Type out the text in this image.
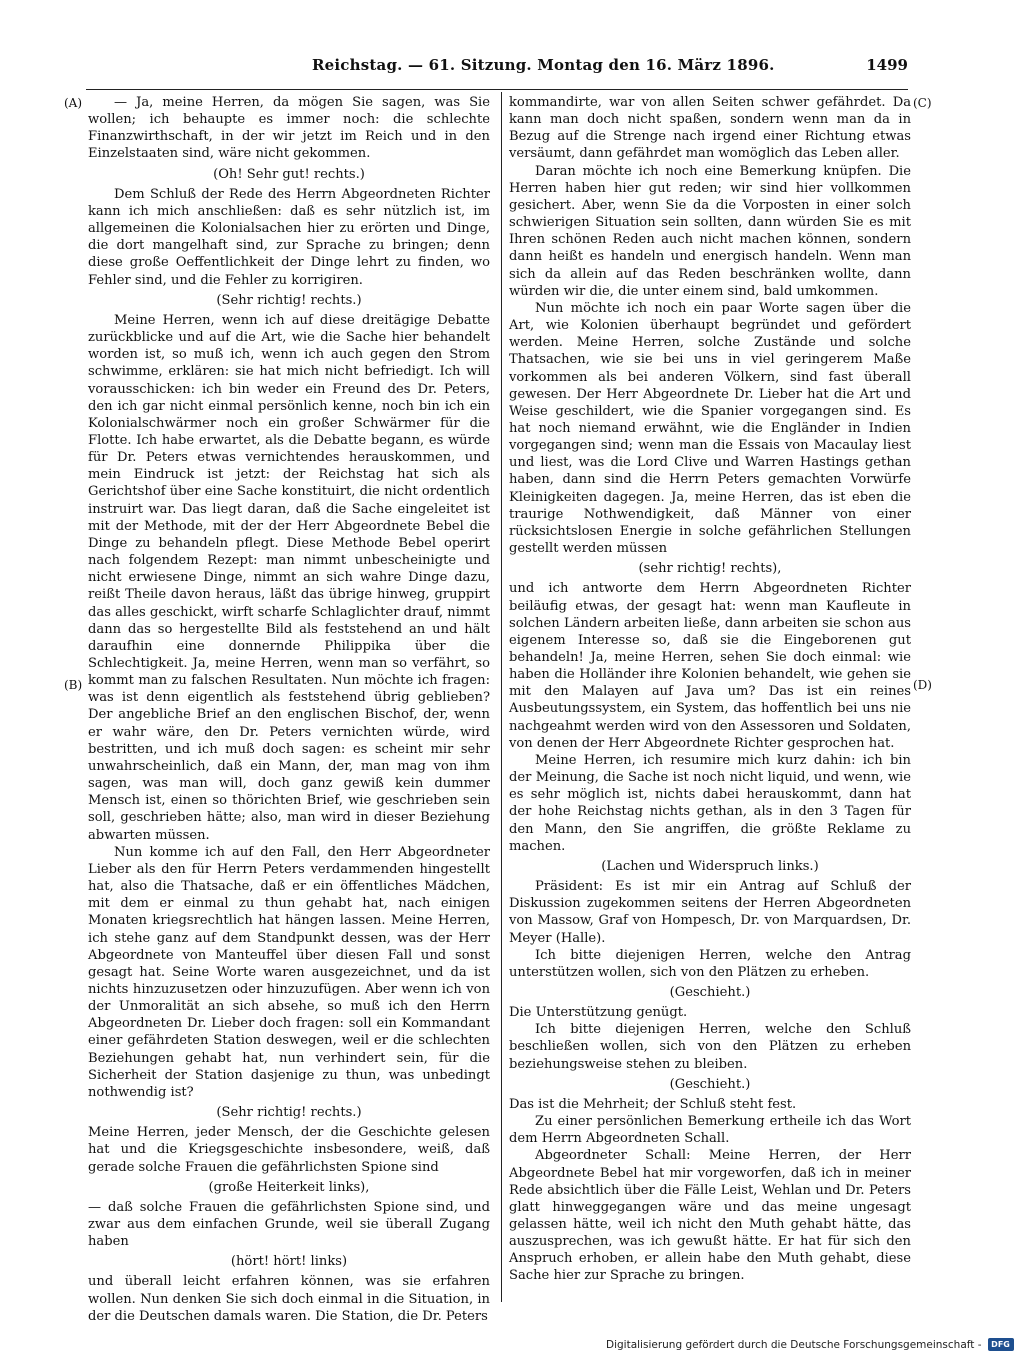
Reichstag. — 61. Sitzung. Montag den 16. März 1896.	1499
(A)
(B)
(C)
(D)

— Ja, meine Herren, da mögen Sie sagen, was Sie wollen; ich behaupte es immer noch: die schlechte Finanzwirthschaft, in der wir jetzt im Reich und in den Einzelstaaten sind, wäre nicht gekommen.

(Oh! Sehr gut! rechts.)

Dem Schluß der Rede des Herrn Abgeordneten Richter kann ich mich anschließen: daß es sehr nützlich ist, im allgemeinen die Kolonialsachen hier zu erörten und Dinge, die dort mangelhaft sind, zur Sprache zu bringen; denn diese große Oeffentlichkeit der Dinge lehrt zu finden, wo Fehler sind, und die Fehler zu korrigiren.

(Sehr richtig! rechts.)

Meine Herren, wenn ich auf diese dreitägige Debatte zurückblicke und auf die Art, wie die Sache hier behandelt worden ist, so muß ich, wenn ich auch gegen den Strom schwimme, erklären: sie hat mich nicht befriedigt. Ich will vorausschicken: ich bin weder ein Freund des Dr. Peters, den ich gar nicht einmal persönlich kenne, noch bin ich ein Kolonialschwärmer noch ein großer Schwärmer für die Flotte. Ich habe erwartet, als die Debatte begann, es würde für Dr. Peters etwas vernichtendes herauskommen, und mein Eindruck ist jetzt: der Reichstag hat sich als Gerichtshof über eine Sache konstituirt, die nicht ordentlich instruirt war. Das liegt daran, daß die Sache eingeleitet ist mit der Methode, mit der der Herr Abgeordnete Bebel die Dinge zu behandeln pflegt. Diese Methode Bebel operirt nach folgendem Rezept: man nimmt unbescheinigte und nicht erwiesene Dinge, nimmt an sich wahre Dinge dazu, reißt Theile davon heraus, läßt das übrige hinweg, gruppirt das alles geschickt, wirft scharfe Schlaglichter drauf, nimmt dann das so hergestellte Bild als feststehend an und hält daraufhin eine donnernde Philippika über die Schlechtigkeit. Ja, meine Herren, wenn man so verfährt, so kommt man zu falschen Resultaten. Nun möchte ich fragen: was ist denn eigentlich als feststehend übrig geblieben? Der angebliche Brief an den englischen Bischof, der, wenn er wahr wäre, den Dr. Peters vernichten würde, wird bestritten, und ich muß doch sagen: es scheint mir sehr unwahrscheinlich, daß ein Mann, der, man mag von ihm sagen, was man will, doch ganz gewiß kein dummer Mensch ist, einen so thörichten Brief, wie geschrieben sein soll, geschrieben hätte; also, man wird in dieser Beziehung abwarten müssen.

Nun komme ich auf den Fall, den Herr Abgeordneter Lieber als den für Herrn Peters verdammenden hingestellt hat, also die Thatsache, daß er ein öffentliches Mädchen, mit dem er einmal zu thun gehabt hat, nach einigen Monaten kriegsrechtlich hat hängen lassen. Meine Herren, ich stehe ganz auf dem Standpunkt dessen, was der Herr Abgeordnete von Manteuffel über diesen Fall und sonst gesagt hat. Seine Worte waren ausgezeichnet, und da ist nichts hinzuzusetzen oder hinzuzufügen. Aber wenn ich von der Unmoralität an sich absehe, so muß ich den Herrn Abgeordneten Dr. Lieber doch fragen: soll ein Kommandant einer gefährdeten Station deswegen, weil er die schlechten Beziehungen gehabt hat, nun verhindert sein, für die Sicherheit der Station dasjenige zu thun, was unbedingt nothwendig ist?

(Sehr richtig! rechts.)

Meine Herren, jeder Mensch, der die Geschichte gelesen hat und die Kriegsgeschichte insbesondere, weiß, daß gerade solche Frauen die gefährlichsten Spione sind

(große Heiterkeit links),

— daß solche Frauen die gefährlichsten Spione sind, und zwar aus dem einfachen Grunde, weil sie überall Zugang haben

(hört! hört! links)

und überall leicht erfahren können, was sie erfahren wollen. Nun denken Sie sich doch einmal in die Situation, in der die Deutschen damals waren. Die Station, die Dr. Peters

kommandirte, war von allen Seiten schwer gefährdet. Da kann man doch nicht spaßen, sondern wenn man da in Bezug auf die Strenge nach irgend einer Richtung etwas versäumt, dann gefährdet man womöglich das Leben aller.

Daran möchte ich noch eine Bemerkung knüpfen. Die Herren haben hier gut reden; wir sind hier vollkommen gesichert. Aber, wenn Sie da die Vorposten in einer solch schwierigen Situation sein sollten, dann würden Sie es mit Ihren schönen Reden auch nicht machen können, sondern dann heißt es handeln und energisch handeln. Wenn man sich da allein auf das Reden beschränken wollte, dann würden wir die, die unter einem sind, bald umkommen.

Nun möchte ich noch ein paar Worte sagen über die Art, wie Kolonien überhaupt begründet und gefördert werden. Meine Herren, solche Zustände und solche Thatsachen, wie sie bei uns in viel geringerem Maße vorkommen als bei anderen Völkern, sind fast überall gewesen. Der Herr Abgeordnete Dr. Lieber hat die Art und Weise geschildert, wie die Spanier vorgegangen sind. Es hat noch niemand erwähnt, wie die Engländer in Indien vorgegangen sind; wenn man die Essais von Macaulay liest und liest, was die Lord Clive und Warren Hastings gethan haben, dann sind die Herrn Peters gemachten Vorwürfe Kleinigkeiten dagegen. Ja, meine Herren, das ist eben die traurige Nothwendigkeit, daß Männer von einer rücksichtslosen Energie in solche gefährlichen Stellungen gestellt werden müssen

(sehr richtig! rechts),

und ich antworte dem Herrn Abgeordneten Richter beiläufig etwas, der gesagt hat: wenn man Kaufleute in solchen Ländern arbeiten ließe, dann arbeiten sie schon aus eigenem Interesse so, daß sie die Eingeborenen gut behandeln! Ja, meine Herren, sehen Sie doch einmal: wie haben die Holländer ihre Kolonien behandelt, wie gehen sie mit den Malayen auf Java um? Das ist ein reines Ausbeutungssystem, ein System, das hoffentlich bei uns nie nachgeahmt werden wird von den Assessoren und Soldaten, von denen der Herr Abgeordnete Richter gesprochen hat.

Meine Herren, ich resumire mich kurz dahin: ich bin der Meinung, die Sache ist noch nicht liquid, und wenn, wie es sehr möglich ist, nichts dabei herauskommt, dann hat der hohe Reichstag nichts gethan, als in den 3 Tagen für den Mann, den Sie angriffen, die größte Reklame zu machen.

(Lachen und Widerspruch links.)

Präsident: Es ist mir ein Antrag auf Schluß der Diskussion zugekommen seitens der Herren Abgeordneten von Massow, Graf von Hompesch, Dr. von Marquardsen, Dr. Meyer (Halle).

Ich bitte diejenigen Herren, welche den Antrag unterstützen wollen, sich von den Plätzen zu erheben.

(Geschieht.)

Die Unterstützung genügt.

Ich bitte diejenigen Herren, welche den Schluß beschließen wollen, sich von den Plätzen zu erheben beziehungsweise stehen zu bleiben.

(Geschieht.)

Das ist die Mehrheit; der Schluß steht fest.

Zu einer persönlichen Bemerkung ertheile ich das Wort dem Herrn Abgeordneten Schall.

Abgeordneter Schall: Meine Herren, der Herr Abgeordnete Bebel hat mir vorgeworfen, daß ich in meiner Rede absichtlich über die Fälle Leist, Wehlan und Dr. Peters glatt hinweggegangen wäre und das meine ungesagt gelassen hätte, weil ich nicht den Muth gehabt hätte, das auszusprechen, was ich gewußt hätte. Er hat für sich den Anspruch erhoben, er allein habe den Muth gehabt, diese Sache hier zur Sprache zu bringen.

Digitalisierung gefördert durch die Deutsche Forschungsgemeinschaft -	DFG
